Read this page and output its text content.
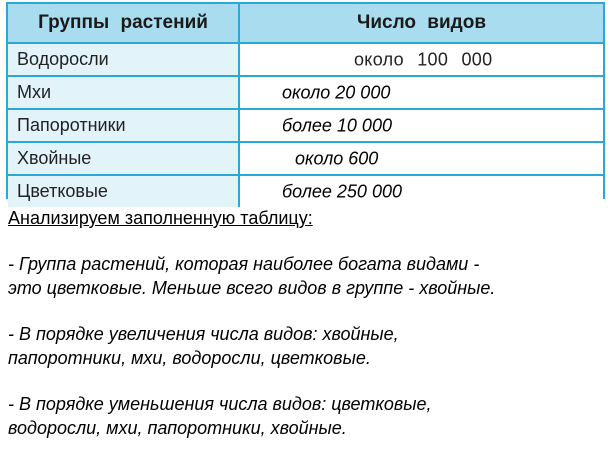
Группы растений	Число видов
Водоросли	около 100 000

Мхи	около 20 000

Папоротники	более 10 000

Хвойные	около 600

Цветковые	более 250 000
Анализируем заполненную таблицу:

- Группа растений, которая наиболее богата видами -

это цветковые. Меньше всего видов в группе - хвойные.

- В порядке увеличения числа видов: хвойные,

папоротники, мхи, водоросли, цветковые.

- В порядке уменьшения числа видов: цветковые,

водоросли, мхи, папоротники, хвойные.
